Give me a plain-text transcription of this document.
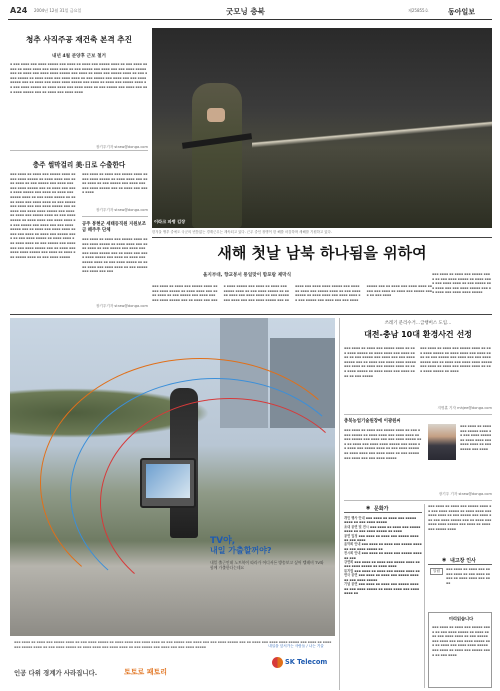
A24 2004년 12월 31일 금요일	굿모닝 충북	제25855호	동아일보
청추 사직주공 재건축 본격 추진
내년 4월 분양후 근보 철거
▪ ▪▪▪ ▪▪▪▪ ▪▪▪ ▪▪▪▪ ▪▪▪▪▪ ▪▪▪ ▪▪▪▪ ▪▪ ▪▪▪▪ ▪▪▪ ▪▪▪▪▪ ▪▪▪▪ ▪▪ ▪▪▪ ▪▪▪▪ ▪▪▪▪▪ ▪▪ ▪▪▪▪ ▪▪▪▪ ▪▪▪ ▪▪▪▪ ▪▪▪▪ ▪▪ ▪▪▪ ▪▪▪▪▪ ▪▪▪ ▪▪▪▪ ▪▪▪ ▪▪▪ ▪▪▪▪ ▪▪▪▪▪ ▪▪▪ ▪▪ ▪▪▪▪ ▪▪▪ ▪▪▪▪ ▪▪▪▪ ▪▪▪▪▪ ▪▪▪ ▪▪▪▪ ▪▪ ▪▪▪▪ ▪▪▪ ▪▪▪▪▪ ▪▪▪▪ ▪▪ ▪▪▪ ▪▪▪▪ ▪▪▪▪▪ ▪▪ ▪▪▪▪ ▪▪▪▪ ▪▪▪ ▪▪▪▪ ▪▪▪▪ ▪▪ ▪▪▪ ▪▪▪▪▪ ▪▪▪ ▪▪▪▪ ▪▪▪ ▪▪▪ ▪▪▪▪ ▪▪▪▪▪ ▪▪▪ ▪▪ ▪▪▪▪ ▪▪▪ ▪▪▪▪ ▪▪▪▪ ▪▪▪▪▪ ▪▪▪ ▪▪▪▪ ▪▪ ▪▪▪▪ ▪▪▪ ▪▪▪▪▪ ▪▪▪▪ ▪▪ ▪▪▪ ▪▪▪▪ ▪▪▪▪▪ ▪▪ ▪▪▪▪ ▪▪▪▪ ▪▪▪ ▪▪▪▪ ▪▪▪▪ ▪▪ ▪▪▪ ▪▪▪▪▪ ▪▪▪ ▪▪▪▪ ▪▪▪ ▪▪▪ ▪▪▪▪ ▪▪▪▪▪ ▪▪▪ ▪▪ ▪▪▪▪ ▪▪▪ ▪▪▪▪ ▪▪▪▪
장기우기자 straw@donga.com
충주 썰막걸리 美·日로 수출한다
▪▪▪ ▪▪▪▪ ▪▪ ▪▪▪▪ ▪▪▪ ▪▪▪▪▪ ▪▪▪▪ ▪▪ ▪▪▪ ▪▪▪▪ ▪▪▪▪▪ ▪▪ ▪▪▪▪ ▪▪▪▪ ▪▪▪ ▪▪▪▪ ▪▪▪▪ ▪▪ ▪▪▪ ▪▪▪▪▪ ▪▪▪ ▪▪▪▪ ▪▪▪ ▪▪▪ ▪▪▪▪ ▪▪▪▪▪ ▪▪▪ ▪▪ ▪▪▪▪ ▪▪▪ ▪▪▪▪ ▪▪▪▪ ▪▪▪▪▪ ▪▪▪ ▪▪▪▪ ▪▪ ▪▪▪▪ ▪▪▪ ▪▪▪▪▪ ▪▪▪▪ ▪▪ ▪▪▪ ▪▪▪▪ ▪▪▪▪▪ ▪▪ ▪▪▪▪ ▪▪▪▪ ▪▪▪ ▪▪▪▪ ▪▪▪▪ ▪▪ ▪▪▪ ▪▪▪▪▪ ▪▪▪ ▪▪▪▪ ▪▪▪ ▪▪▪ ▪▪▪▪ ▪▪▪▪▪ ▪▪▪ ▪▪ ▪▪▪▪ ▪▪▪ ▪▪▪▪ ▪▪▪▪ ▪▪▪▪▪ ▪▪▪ ▪▪▪▪ ▪▪ ▪▪▪▪ ▪▪▪ ▪▪▪▪▪ ▪▪▪▪ ▪▪ ▪▪▪ ▪▪▪▪ ▪▪▪▪▪ ▪▪ ▪▪▪▪ ▪▪▪▪ ▪▪▪ ▪▪▪▪ ▪▪▪▪ ▪▪ ▪▪▪ ▪▪▪▪▪ ▪▪▪ ▪▪▪▪ ▪▪▪ ▪▪▪ ▪▪▪▪ ▪▪▪▪▪ ▪▪▪ ▪▪ ▪▪▪▪ ▪▪▪ ▪▪▪▪ ▪▪▪▪ ▪▪▪▪▪ ▪▪▪ ▪▪▪▪ ▪▪ ▪▪▪▪ ▪▪▪ ▪▪▪▪▪ ▪▪▪▪ ▪▪ ▪▪▪ ▪▪▪▪ ▪▪▪▪▪ ▪▪ ▪▪▪▪ ▪▪▪▪ ▪▪▪ ▪▪▪▪ ▪▪▪▪ ▪▪ ▪▪▪ ▪▪▪▪▪ ▪▪▪ ▪▪▪▪ ▪▪▪ ▪▪▪ ▪▪▪▪ ▪▪▪▪▪ ▪▪▪ ▪▪ ▪▪▪▪ ▪▪▪ ▪▪▪▪ ▪▪▪▪ ▪▪▪▪▪ ▪▪▪ ▪▪▪▪ ▪▪ ▪▪▪▪ ▪▪▪ ▪▪▪▪▪ ▪▪▪▪ ▪▪ ▪▪▪ ▪▪▪▪ ▪▪▪▪▪
▪▪▪ ▪▪▪▪ ▪▪ ▪▪▪▪ ▪▪▪ ▪▪▪▪▪ ▪▪▪▪ ▪▪ ▪▪▪ ▪▪▪▪ ▪▪▪▪▪ ▪▪ ▪▪▪▪ ▪▪▪▪ ▪▪▪ ▪▪▪▪ ▪▪▪▪ ▪▪ ▪▪▪ ▪▪▪▪▪ ▪▪▪ ▪▪▪▪ ▪▪▪ ▪▪▪ ▪▪▪▪ ▪▪▪▪▪ ▪▪▪ ▪▪ ▪▪▪▪ ▪▪▪ ▪▪▪▪ ▪▪▪▪
장기우기자 straw@donga.com
공주 봉현군 세태등직원 지원보조금 해주주 단체
▪▪▪ ▪▪▪▪ ▪▪ ▪▪▪▪ ▪▪▪ ▪▪▪▪▪ ▪▪▪▪ ▪▪ ▪▪▪ ▪▪▪▪ ▪▪▪▪▪ ▪▪ ▪▪▪▪ ▪▪▪▪ ▪▪▪ ▪▪▪▪ ▪▪▪▪ ▪▪ ▪▪▪ ▪▪▪▪▪ ▪▪▪ ▪▪▪▪ ▪▪▪ ▪▪▪ ▪▪▪▪ ▪▪▪▪▪ ▪▪▪ ▪▪ ▪▪▪▪ ▪▪▪ ▪▪▪▪ ▪▪▪▪ ▪▪▪▪▪ ▪▪▪ ▪▪▪▪ ▪▪ ▪▪▪▪ ▪▪▪ ▪▪▪▪▪ ▪▪▪▪ ▪▪ ▪▪▪ ▪▪▪▪ ▪▪▪▪▪ ▪▪ ▪▪▪▪ ▪▪▪▪ ▪▪▪ ▪▪▪▪ ▪▪▪▪ ▪▪ ▪▪▪ ▪▪▪▪▪ ▪▪▪ ▪▪▪▪ ▪▪▪ ▪▪▪
장기우기자 straw@donga.com
이라크 파병 김장
한겨울 맹추 중에도 국군의 빈틈없는 경계근무는 계속되고 있다. 근무 중인 장병이 한 해를 마감하며 새해를 기원하고 있다.
새해 첫날 남북 하나됨을 위하여
올지부대, 향교봉서 통일맞이 함포람 제막식
▪▪▪ ▪▪▪▪ ▪▪ ▪▪▪▪ ▪▪▪ ▪▪▪▪▪ ▪▪▪▪ ▪▪ ▪▪▪ ▪▪▪▪ ▪▪▪▪▪ ▪▪ ▪▪▪▪ ▪▪▪▪ ▪▪▪ ▪▪▪▪ ▪▪▪▪ ▪▪ ▪▪▪ ▪▪▪▪▪ ▪▪▪ ▪▪▪▪ ▪▪▪ ▪▪▪ ▪▪▪▪ ▪▪▪▪▪ ▪▪▪ ▪▪ ▪▪▪▪ ▪▪▪ ▪▪▪▪ ▪▪▪▪ ▪▪▪▪▪ ▪▪▪ ▪▪▪▪ ▪▪ ▪▪▪▪ ▪▪▪ ▪▪▪▪▪ ▪▪▪▪ ▪▪ ▪▪▪ ▪▪▪▪ ▪▪▪▪▪ ▪▪ ▪▪▪▪ ▪▪▪▪ ▪▪▪ ▪▪▪▪ ▪▪▪▪ ▪▪ ▪▪▪ ▪▪▪▪▪ ▪▪▪ ▪▪▪▪ ▪▪▪ ▪▪▪ ▪▪▪▪ ▪▪▪▪▪ ▪▪▪ ▪▪ ▪▪▪▪ ▪▪▪ ▪▪▪▪ ▪▪▪▪ ▪▪▪▪▪ ▪▪▪ ▪▪▪▪ ▪▪ ▪▪▪▪ ▪▪▪ ▪▪▪▪▪ ▪▪▪▪ ▪▪ ▪▪▪ ▪▪▪▪ ▪▪▪▪▪ ▪▪ ▪▪▪▪ ▪▪▪▪ ▪▪▪ ▪▪▪▪ ▪▪▪▪ ▪▪ ▪▪▪ ▪▪▪▪▪ ▪▪▪ ▪▪▪▪ ▪▪▪ ▪▪▪ ▪▪▪▪ ▪▪▪▪▪ ▪▪▪ ▪▪ ▪▪▪▪ ▪▪▪ ▪▪▪▪ ▪▪▪▪ ▪▪▪▪▪ ▪▪▪ ▪▪▪▪ ▪▪ ▪▪▪▪ ▪▪▪ ▪▪▪▪▪ ▪▪▪▪ ▪▪ ▪▪▪ ▪▪▪▪
▪▪▪ ▪▪▪▪ ▪▪ ▪▪▪▪ ▪▪▪ ▪▪▪▪▪ ▪▪▪▪ ▪▪ ▪▪▪ ▪▪▪▪ ▪▪▪▪▪ ▪▪ ▪▪▪▪ ▪▪▪▪ ▪▪▪ ▪▪▪▪ ▪▪▪▪ ▪▪ ▪▪▪ ▪▪▪▪▪ ▪▪▪ ▪▪▪▪ ▪▪▪ ▪▪▪ ▪▪▪▪ ▪▪▪▪▪ ▪▪▪ ▪▪ ▪▪▪▪ ▪▪▪ ▪▪▪▪ ▪▪▪▪ ▪▪▪▪▪
TV야,
내일 가출할꺼야?
내일 출근인데 노트북이 따라가 어디서든 방송보고 싶어 텔레비 TV와 함께 가출한다는데요
▪▪▪ ▪▪▪▪ ▪▪ ▪▪▪▪ ▪▪▪ ▪▪▪▪▪ ▪▪▪▪ ▪▪ ▪▪▪ ▪▪▪▪ ▪▪▪▪▪ ▪▪ ▪▪▪▪ ▪▪▪▪ ▪▪▪ ▪▪▪▪ ▪▪▪▪ ▪▪ ▪▪▪ ▪▪▪▪▪ ▪▪▪ ▪▪▪▪ ▪▪▪ ▪▪▪ ▪▪▪▪ ▪▪▪▪▪ ▪▪▪ ▪▪ ▪▪▪▪ ▪▪▪ ▪▪▪▪ ▪▪▪▪ ▪▪▪▪▪ ▪▪▪ ▪▪▪▪ ▪▪ ▪▪▪▪ ▪▪▪ ▪▪▪▪▪ ▪▪▪▪ ▪▪ ▪▪▪ ▪▪▪▪ ▪▪▪▪▪ ▪▪ ▪▪▪▪ ▪▪▪▪ ▪▪▪ ▪▪▪▪ ▪▪▪▪ ▪▪ ▪▪▪ ▪▪▪▪▪ ▪▪▪ ▪▪▪▪ ▪▪▪ ▪▪▪ ▪▪▪▪ ▪▪▪▪▪
인공 다위 경계가 사라집니다.	토토로 패토리
내일을 앞서가는 사람들 / 나는 기술
SK Telecom
쓰레기 분리수거…급행버스 도입…
대전-충남 10대 환경사건 선정
▪▪▪ ▪▪▪▪ ▪▪ ▪▪▪▪ ▪▪▪ ▪▪▪▪▪ ▪▪▪▪ ▪▪ ▪▪▪ ▪▪▪▪ ▪▪▪▪▪ ▪▪ ▪▪▪▪ ▪▪▪▪ ▪▪▪ ▪▪▪▪ ▪▪▪▪ ▪▪ ▪▪▪ ▪▪▪▪▪ ▪▪▪ ▪▪▪▪ ▪▪▪ ▪▪▪ ▪▪▪▪ ▪▪▪▪▪ ▪▪▪ ▪▪ ▪▪▪▪ ▪▪▪ ▪▪▪▪ ▪▪▪▪ ▪▪▪▪▪ ▪▪▪ ▪▪▪▪ ▪▪ ▪▪▪▪ ▪▪▪ ▪▪▪▪▪ ▪▪▪▪ ▪▪ ▪▪▪ ▪▪▪▪ ▪▪▪▪▪ ▪▪ ▪▪▪▪ ▪▪▪▪ ▪▪▪ ▪▪▪▪ ▪▪▪▪ ▪▪ ▪▪▪ ▪▪▪▪▪
▪▪▪ ▪▪▪▪ ▪▪ ▪▪▪▪ ▪▪▪ ▪▪▪▪▪ ▪▪▪▪ ▪▪ ▪▪▪ ▪▪▪▪ ▪▪▪▪▪ ▪▪ ▪▪▪▪ ▪▪▪▪ ▪▪▪ ▪▪▪▪ ▪▪▪▪ ▪▪ ▪▪▪ ▪▪▪▪▪ ▪▪▪ ▪▪▪▪ ▪▪▪ ▪▪▪ ▪▪▪▪ ▪▪▪▪▪ ▪▪▪ ▪▪ ▪▪▪▪ ▪▪▪ ▪▪▪▪ ▪▪▪▪ ▪▪▪▪▪ ▪▪▪ ▪▪▪▪ ▪▪ ▪▪▪▪ ▪▪▪ ▪▪▪▪▪ ▪▪▪▪ ▪▪ ▪▪▪ ▪▪▪▪ ▪▪▪▪▪ ▪▪ ▪▪▪▪
지명훈 기자 mhjee@donga.com
충북농업기술원장에 이광원씨
▪▪▪ ▪▪▪▪ ▪▪ ▪▪▪▪ ▪▪▪ ▪▪▪▪▪ ▪▪▪▪ ▪▪ ▪▪▪ ▪▪▪▪ ▪▪▪▪▪ ▪▪ ▪▪▪▪ ▪▪▪▪ ▪▪▪ ▪▪▪▪ ▪▪▪▪ ▪▪ ▪▪▪ ▪▪▪▪▪ ▪▪▪ ▪▪▪▪ ▪▪▪ ▪▪▪ ▪▪▪▪ ▪▪▪▪▪ ▪▪▪ ▪▪ ▪▪▪▪ ▪▪▪ ▪▪▪▪ ▪▪▪▪ ▪▪▪▪▪ ▪▪▪ ▪▪▪▪ ▪▪ ▪▪▪▪ ▪▪▪ ▪▪▪▪▪ ▪▪▪▪ ▪▪ ▪▪▪ ▪▪▪▪ ▪▪▪▪▪ ▪▪ ▪▪▪▪ ▪▪▪▪ ▪▪▪ ▪▪▪▪ ▪▪▪▪ ▪▪ ▪▪▪ ▪▪▪▪▪ ▪▪▪ ▪▪▪▪ ▪▪▪ ▪▪▪ ▪▪▪▪ ▪▪▪▪▪
▪▪▪ ▪▪▪▪ ▪▪ ▪▪▪▪ ▪▪▪ ▪▪▪▪▪ ▪▪▪▪ ▪▪ ▪▪▪ ▪▪▪▪ ▪▪▪▪▪ ▪▪ ▪▪▪▪ ▪▪▪▪ ▪▪▪ ▪▪▪▪ ▪▪▪▪ ▪▪ ▪▪▪ ▪▪▪▪▪ ▪▪▪ ▪▪▪▪
장기우 기자 straw@donga.com
◉ 문화가
개인 행사 안내 ▪▪▪ ▪▪▪▪ ▪▪ ▪▪▪▪ ▪▪▪ ▪▪▪▪▪ ▪▪▪▪ ▪▪ ▪▪▪ ▪▪▪▪ ▪▪▪▪▪
초대 공연 및 전시 ▪▪▪ ▪▪▪▪ ▪▪ ▪▪▪▪ ▪▪▪ ▪▪▪▪▪ ▪▪▪▪ ▪▪ ▪▪▪ ▪▪▪▪ ▪▪▪▪▪ ▪▪ ▪▪▪▪
공연 일정 ▪▪▪ ▪▪▪▪ ▪▪ ▪▪▪▪ ▪▪▪ ▪▪▪▪▪ ▪▪▪▪ ▪▪ ▪▪▪ ▪▪▪▪
음악회 안내 ▪▪▪ ▪▪▪▪ ▪▪ ▪▪▪▪ ▪▪▪ ▪▪▪▪▪ ▪▪▪▪ ▪▪ ▪▪▪ ▪▪▪▪ ▪▪▪▪▪ ▪▪
전시회 안내 ▪▪▪ ▪▪▪▪ ▪▪ ▪▪▪▪ ▪▪▪ ▪▪▪▪▪ ▪▪▪▪ ▪▪ ▪▪▪
강연회 ▪▪▪ ▪▪▪▪ ▪▪ ▪▪▪▪ ▪▪▪ ▪▪▪▪▪ ▪▪▪▪ ▪▪ ▪▪▪ ▪▪▪▪ ▪▪▪▪▪ ▪▪ ▪▪▪▪ ▪▪▪▪
뮤지컬 ▪▪▪ ▪▪▪▪ ▪▪ ▪▪▪▪ ▪▪▪ ▪▪▪▪▪ ▪▪▪▪ ▪▪
연극 공연 ▪▪▪ ▪▪▪▪ ▪▪ ▪▪▪▪ ▪▪▪ ▪▪▪▪▪ ▪▪▪▪ ▪▪ ▪▪▪ ▪▪▪▪ ▪▪▪▪▪
기념 공연 ▪▪▪ ▪▪▪▪ ▪▪ ▪▪▪▪ ▪▪▪ ▪▪▪▪▪ ▪▪▪▪ ▪▪ ▪▪▪ ▪▪▪▪ ▪▪▪▪▪ ▪▪ ▪▪▪▪ ▪▪▪▪ ▪▪▪ ▪▪▪▪ ▪▪▪▪ ▪▪
▪▪▪ ▪▪▪▪ ▪▪ ▪▪▪▪ ▪▪▪ ▪▪▪▪▪ ▪▪▪▪ ▪▪ ▪▪▪ ▪▪▪▪ ▪▪▪▪▪ ▪▪ ▪▪▪▪ ▪▪▪▪ ▪▪▪ ▪▪▪▪ ▪▪▪▪ ▪▪ ▪▪▪ ▪▪▪▪▪ ▪▪▪ ▪▪▪▪ ▪▪▪ ▪▪▪ ▪▪▪▪ ▪▪▪▪▪ ▪▪▪ ▪▪ ▪▪▪▪ ▪▪▪ ▪▪▪▪ ▪▪▪▪ ▪▪▪▪▪ ▪▪▪ ▪▪▪▪ ▪▪ ▪▪▪▪ ▪▪▪ ▪▪▪▪▪ ▪▪▪▪
◉ 내고장 인사
알림	▪▪▪ ▪▪▪▪ ▪▪ ▪▪▪▪ ▪▪▪ ▪▪▪▪▪ ▪▪▪▪ ▪▪ ▪▪▪ ▪▪▪▪ ▪▪▪▪▪ ▪▪ ▪▪▪▪ ▪▪▪▪ ▪▪▪ ▪▪▪▪
미리읽습니다
▪▪▪ ▪▪▪▪ ▪▪ ▪▪▪▪ ▪▪▪ ▪▪▪▪▪ ▪▪▪▪ ▪▪ ▪▪▪ ▪▪▪▪ ▪▪▪▪▪ ▪▪ ▪▪▪▪ ▪▪▪▪ ▪▪▪ ▪▪▪▪ ▪▪▪▪ ▪▪ ▪▪▪ ▪▪▪▪▪ ▪▪▪ ▪▪▪▪ ▪▪▪ ▪▪▪ ▪▪▪▪ ▪▪▪▪▪ ▪▪▪ ▪▪ ▪▪▪▪ ▪▪▪ ▪▪▪▪ ▪▪▪▪ ▪▪▪▪▪ ▪▪▪ ▪▪▪▪ ▪▪ ▪▪▪▪ ▪▪▪ ▪▪▪▪▪ ▪▪▪▪ ▪▪ ▪▪▪ ▪▪▪▪
